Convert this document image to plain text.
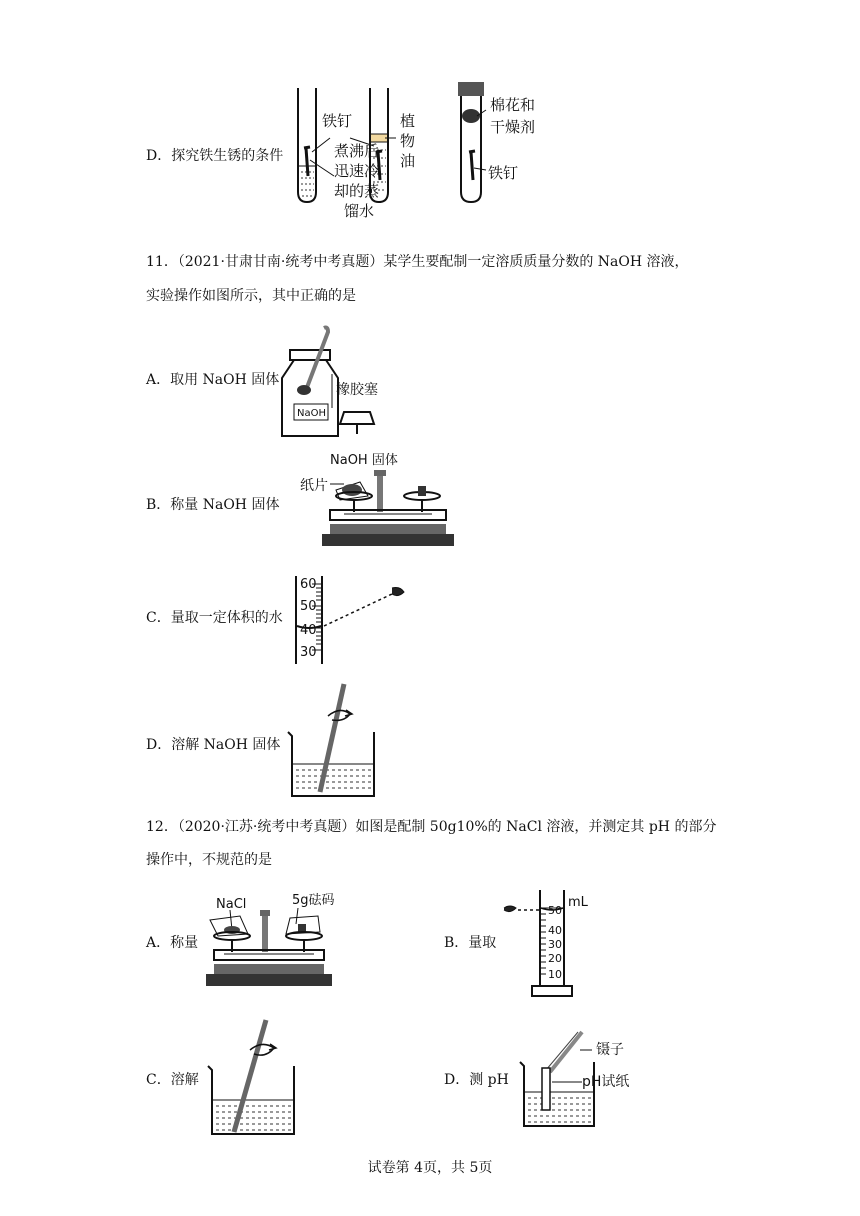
D．探究铁生锈的条件
铁钉
煮沸后
迅速冷
却的蒸
馏水
植
物
油
棉花和
干燥剂
铁钉
11．（2021·甘肃甘南·统考中考真题）某学生要配制一定溶质质量分数的 NaOH 溶液，
实验操作如图所示，其中正确的是
A．取用 NaOH 固体
NaOH
橡胶塞
B．称量 NaOH 固体
NaOH 固体
纸片
C．量取一定体积的水
60
50
40
30
D．溶解 NaOH 固体
12．（2020·江苏·统考中考真题）如图是配制 50g10%的 NaCl 溶液，并测定其 pH 的部分
操作中，不规范的是
A．称量
NaCl	5g砝码
B．量取
mL
50
40
30
20
10
C．溶解	D．测 pH
镊子
pH试纸
试卷第 4页，共 5页
